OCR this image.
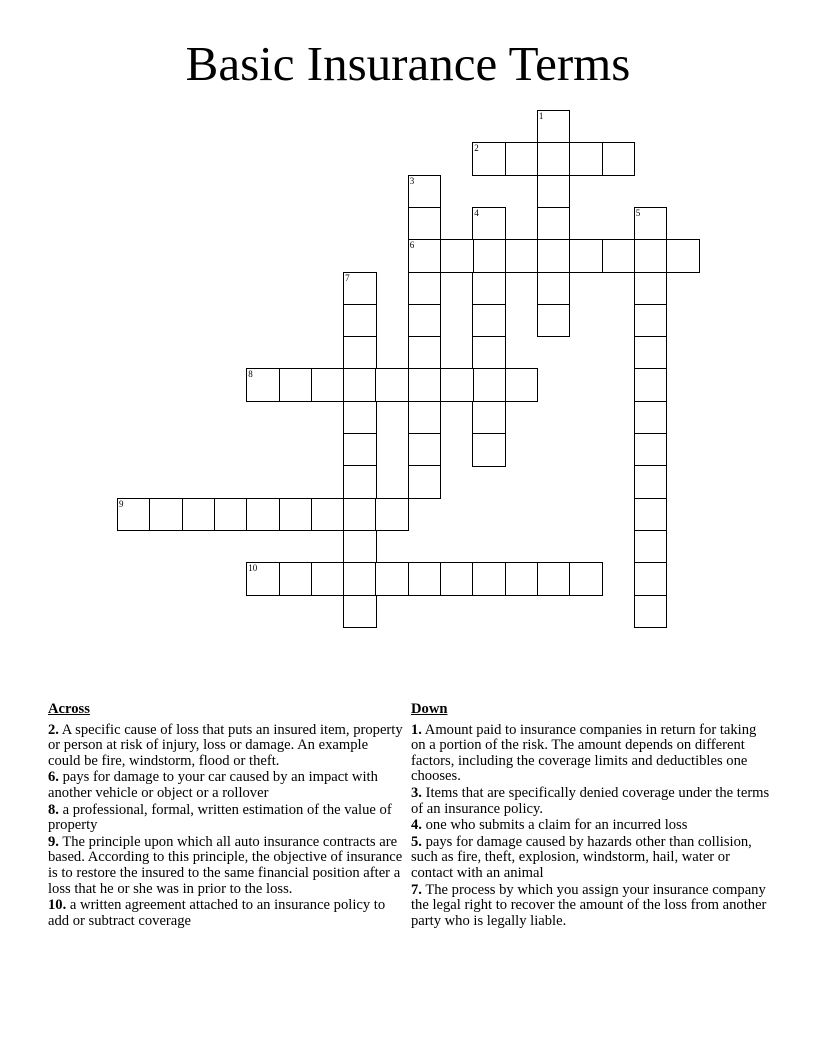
Basic Insurance Terms
1
2
3
6
4	5
7
8
9
10
Across
2. A specific cause of loss that puts an insured item, property or person at risk of injury, loss or damage. An example could be fire, windstorm, flood or theft.
6. pays for damage to your car caused by an impact with another vehicle or object or a rollover
8. a professional, formal, written estimation of the value of property
9. The principle upon which all auto insurance contracts are based. According to this principle, the objective of insurance is to restore the insured to the same financial position after a loss that he or she was in prior to the loss.
10. a written agreement attached to an insurance policy to add or subtract coverage
Down
1. Amount paid to insurance companies in return for taking on a portion of the risk. The amount depends on different factors, including the coverage limits and deductibles one chooses.
3. Items that are specifically denied coverage under the terms of an insurance policy.
4. one who submits a claim for an incurred loss
5. pays for damage caused by hazards other than collision, such as fire, theft, explosion, windstorm, hail, water or contact with an animal
7. The process by which you assign your insurance company the legal right to recover the amount of the loss from another party who is legally liable.
